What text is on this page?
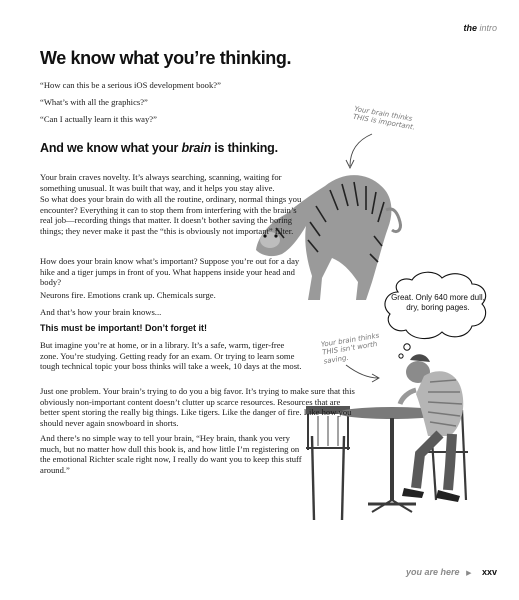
the intro
We know what you’re thinking.

“How can this be a serious iOS development book?”

“What’s with all the graphics?”

“Can I actually learn it this way?”	Your brain thinks THIS is important.
And we know what your brain is thinking.

Your brain craves novelty. It’s always searching, scanning, waiting for something unusual. It was built that way, and it helps you stay alive.

So what does your brain do with all the routine, ordinary, normal things you encounter? Everything it can to stop them from interfering with the brain’s real job—recording things that matter. It doesn’t bother saving the boring things; they never make it past the “this is obviously not important” filter.

How does your brain know what’s important? Suppose you’re out for a day hike and a tiger jumps in front of you. What happens inside your head and body?

Neurons fire. Emotions crank up. Chemicals surge.

And that’s how your brain knows...

This must be important! Don’t forget it!

But imagine you’re at home, or in a library. It’s a safe, warm, tiger-free zone. You’re studying. Getting ready for an exam. Or trying to learn some tough technical topic your boss thinks will take a week, 10 days at the most.

Just one problem. Your brain’s trying to do you a big favor. It’s trying to make sure that this obviously non-important content doesn’t clutter up scarce resources. Resources that are better spent storing the really big things. Like tigers. Like the danger of fire. Like how you should never again snowboard in shorts.

And there’s no simple way to tell your brain, “Hey brain, thank you very much, but no matter how dull this book is, and how little I’m registering on the emotional Richter scale right now, I really do want you to keep this stuff around.”

Your brain thinks THIS isn’t worth saving.
Great. Only 640 more dull, dry, boring pages.
you are here ▶ xxv
